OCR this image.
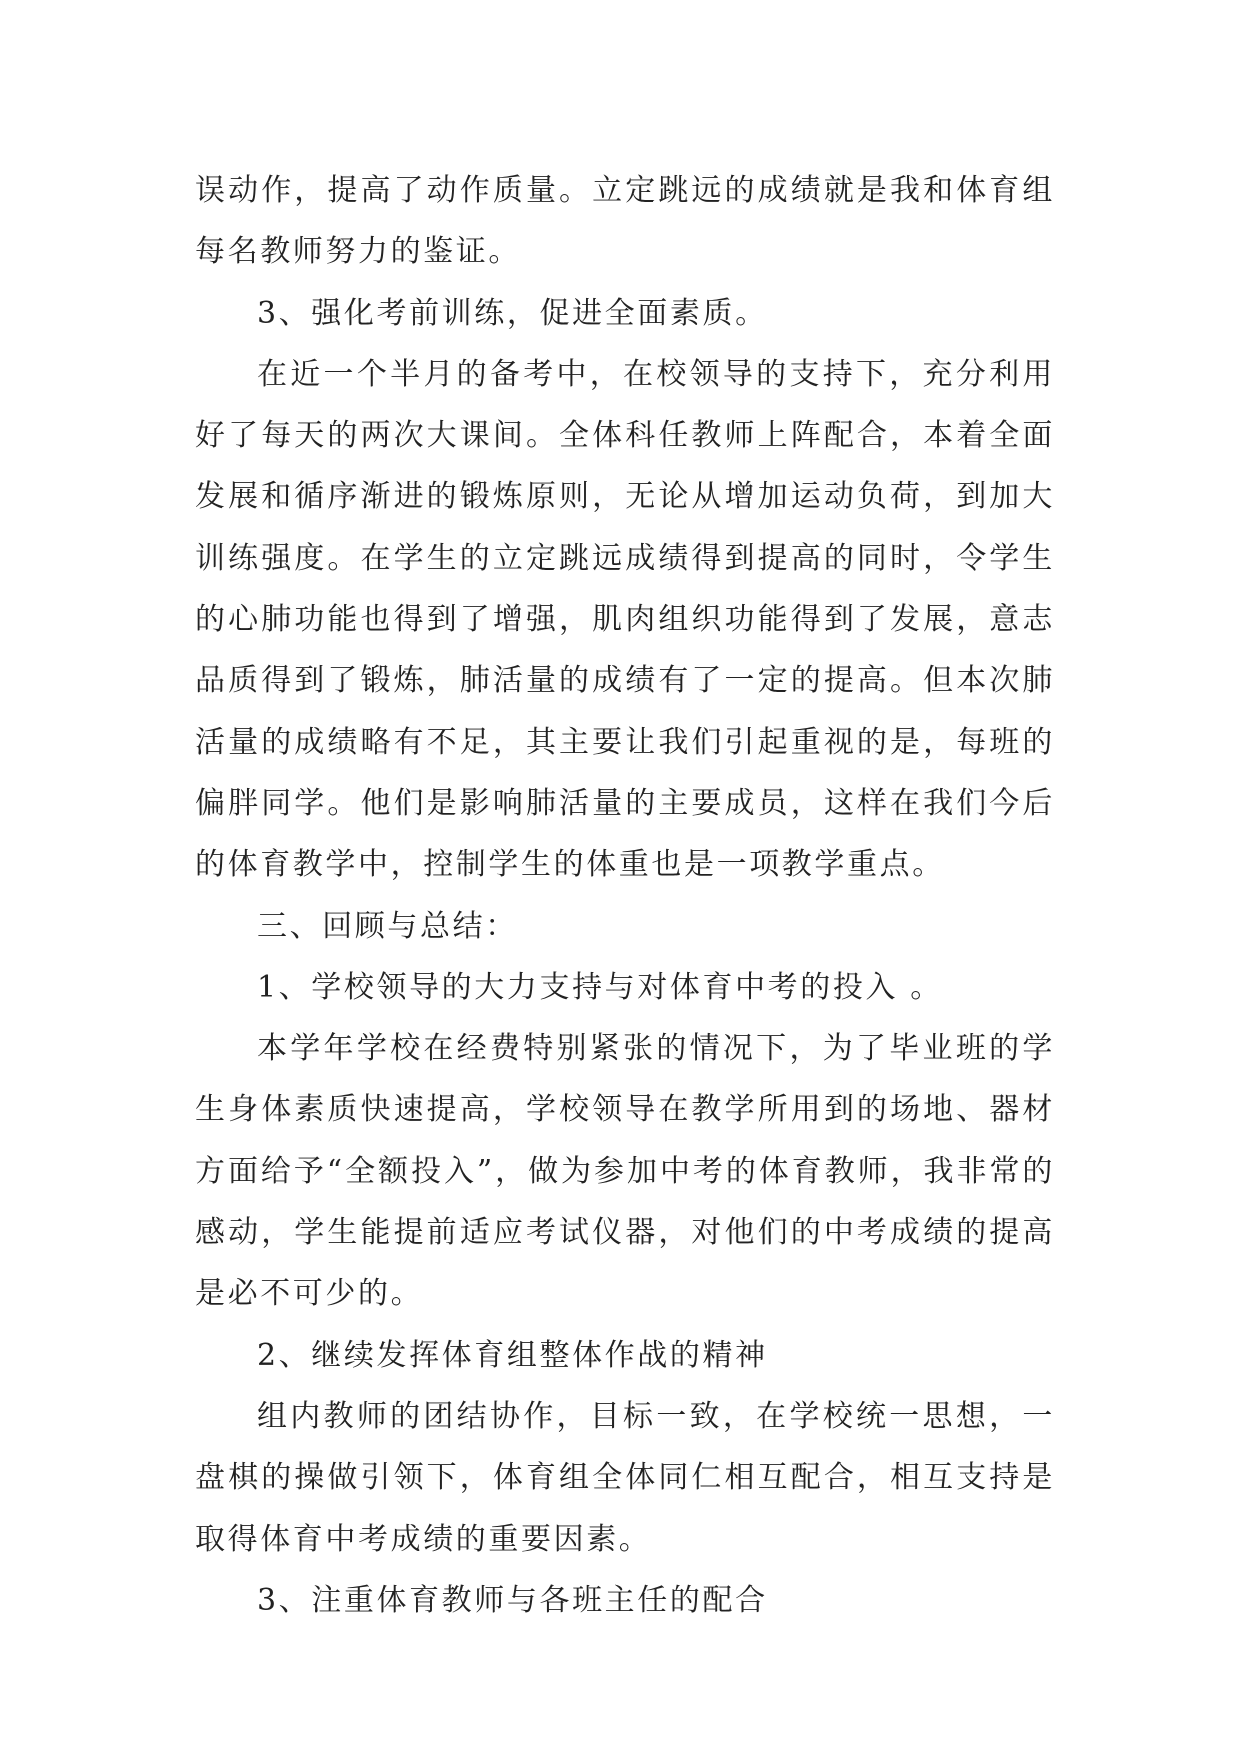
误动作，提高了动作质量。立定跳远的成绩就是我和体育组每名教师努力的鉴证。

3、强化考前训练，促进全面素质。

在近一个半月的备考中，在校领导的支持下，充分利用好了每天的两次大课间。全体科任教师上阵配合，本着全面发展和循序渐进的锻炼原则，无论从增加运动负荷，到加大训练强度。在学生的立定跳远成绩得到提高的同时，令学生的心肺功能也得到了增强，肌肉组织功能得到了发展，意志品质得到了锻炼，肺活量的成绩有了一定的提高。但本次肺活量的成绩略有不足，其主要让我们引起重视的是，每班的偏胖同学。他们是影响肺活量的主要成员，这样在我们今后的体育教学中，控制学生的体重也是一项教学重点。

三、回顾与总结：

1、学校领导的大力支持与对体育中考的投入 。

本学年学校在经费特别紧张的情况下，为了毕业班的学生身体素质快速提高，学校领导在教学所用到的场地、器材方面给予“全额投入”，做为参加中考的体育教师，我非常的感动，学生能提前适应考试仪器，对他们的中考成绩的提高是必不可少的。

2、继续发挥体育组整体作战的精神

组内教师的团结协作，目标一致，在学校统一思想，一盘棋的操做引领下，体育组全体同仁相互配合，相互支持是取得体育中考成绩的重要因素。

3、注重体育教师与各班主任的配合
